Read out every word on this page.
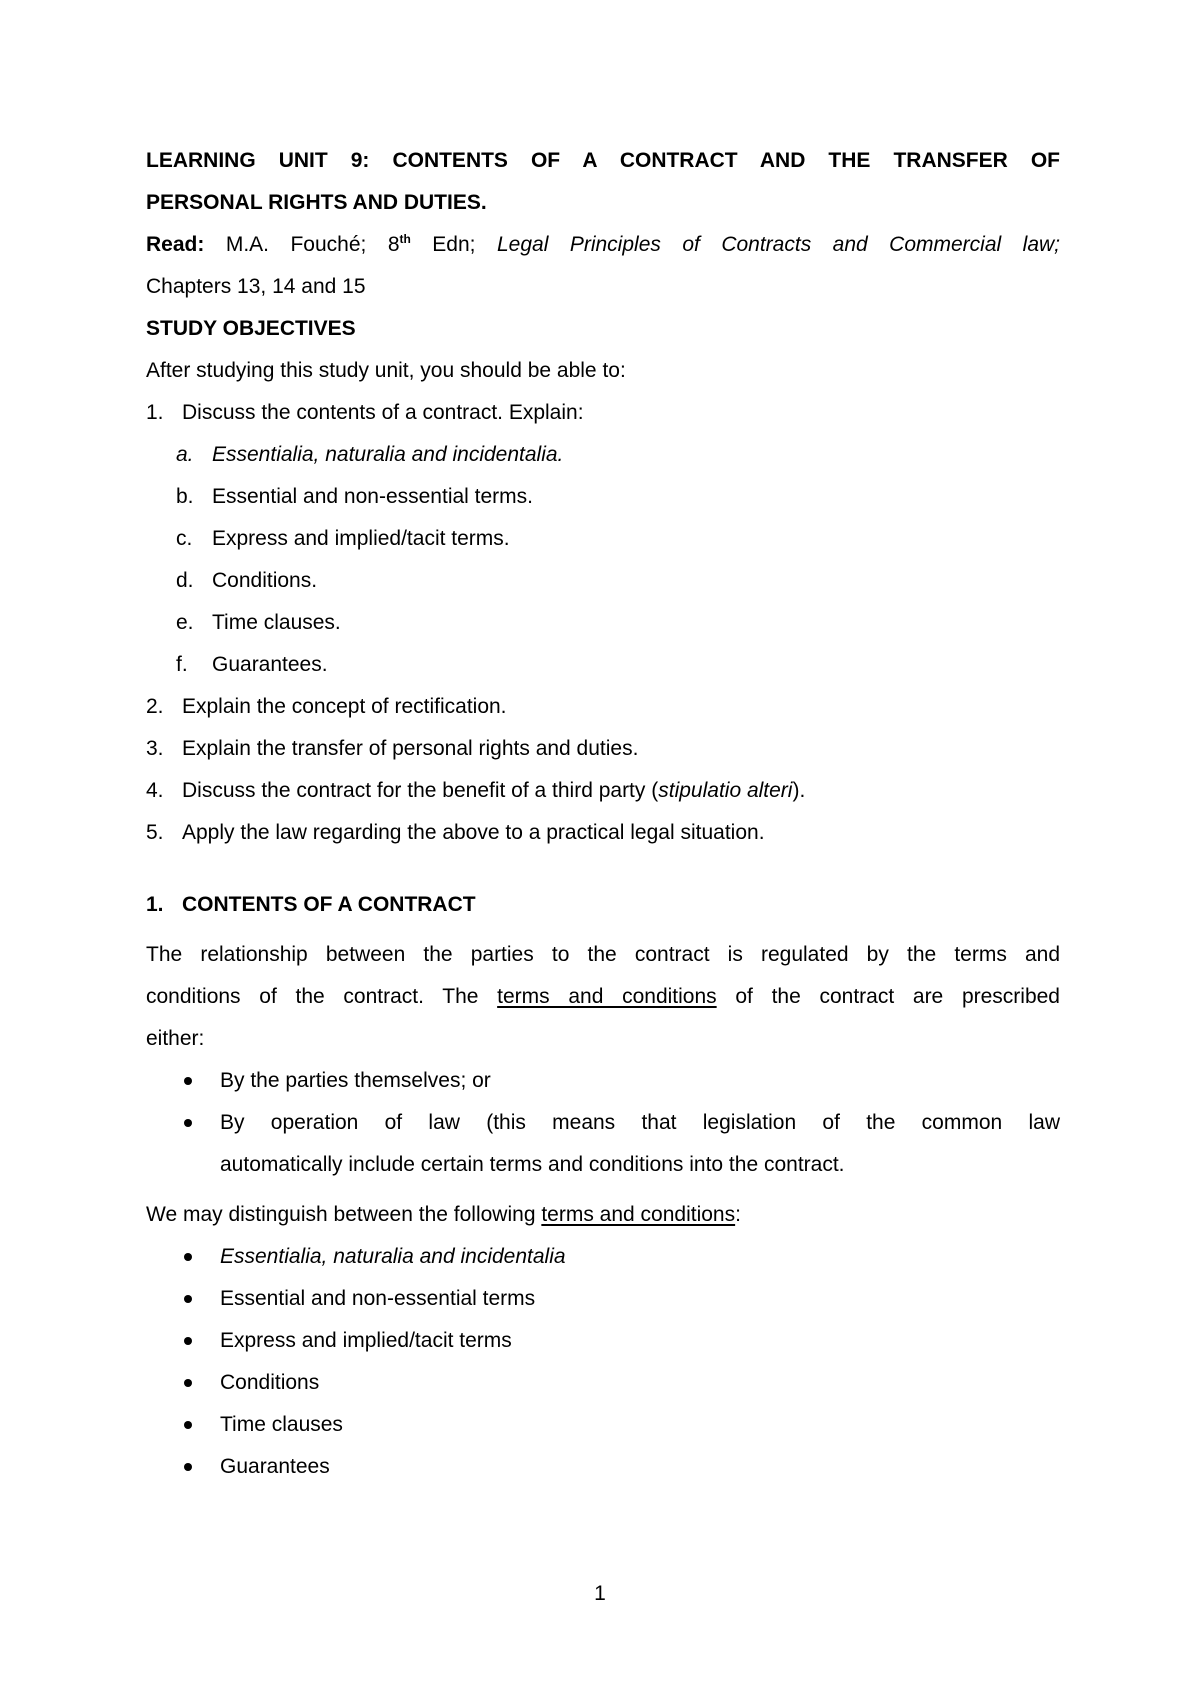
LEARNING UNIT 9: CONTENTS OF A CONTRACT AND THE TRANSFER OF

PERSONAL RIGHTS AND DUTIES.

Read: M.A. Fouché; 8th Edn; Legal Principles of Contracts and Commercial law;

Chapters 13, 14 and 15

STUDY OBJECTIVES

After studying this study unit, you should be able to:

1. Discuss the contents of a contract. Explain:
a. Essentialia, naturalia and incidentalia.
b. Essential and non-essential terms.
c. Express and implied/tacit terms.
d. Conditions.
e. Time clauses.
f. Guarantees.
2. Explain the concept of rectification.
3. Explain the transfer of personal rights and duties.
4. Discuss the contract for the benefit of a third party (stipulatio alteri).
5. Apply the law regarding the above to a practical legal situation.
1. CONTENTS OF A CONTRACT

The relationship between the parties to the contract is regulated by the terms and

conditions of the contract. The terms and conditions of the contract are prescribed

either:

By the parties themselves; or
By operation of law (this means that legislation of the common law
automatically include certain terms and conditions into the contract.

We may distinguish between the following terms and conditions:

Essentialia, naturalia and incidentalia
Essential and non-essential terms
Express and implied/tacit terms
Conditions
Time clauses
Guarantees
1
